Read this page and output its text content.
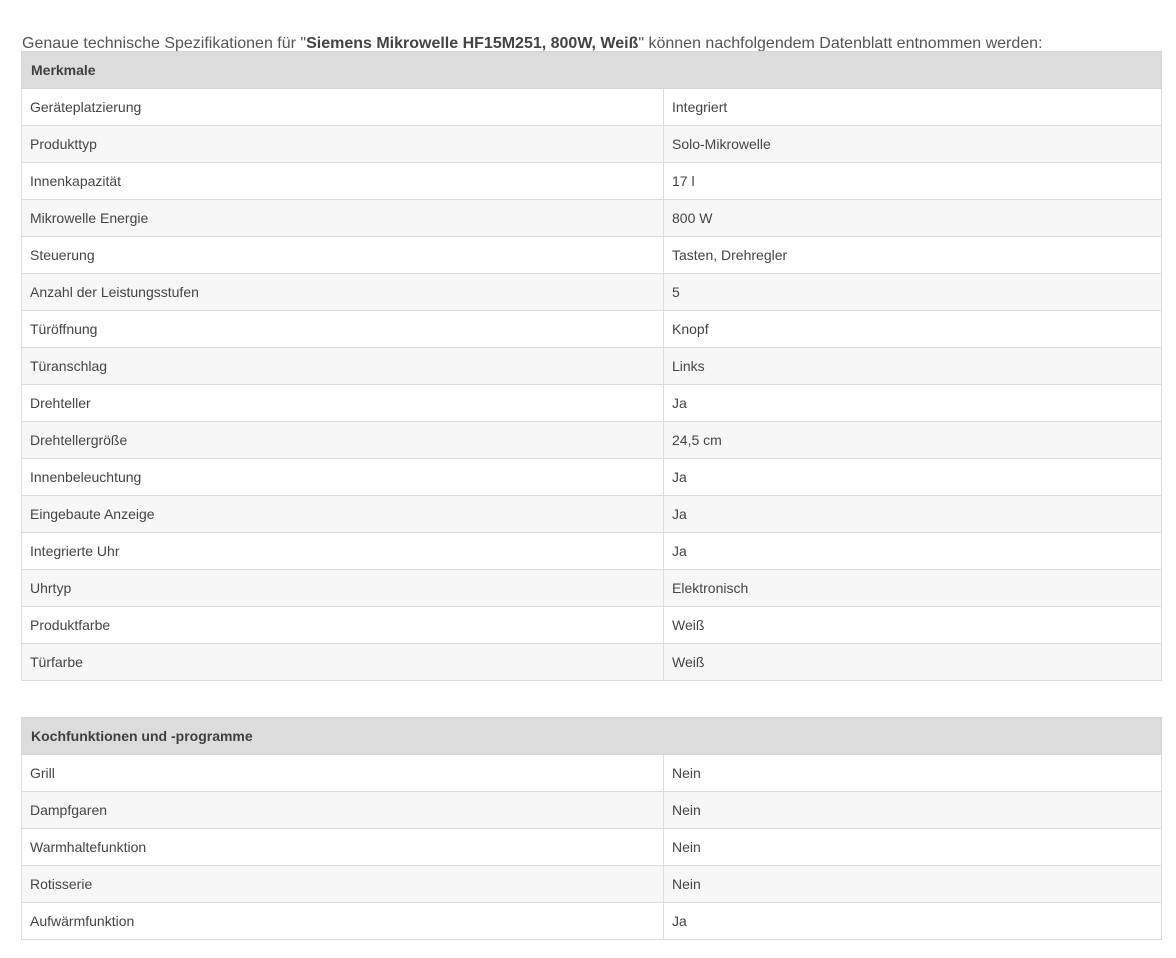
Genaue technische Spezifikationen für "Siemens Mikrowelle HF15M251, 800W, Weiß" können nachfolgendem Datenblatt entnommen werden:

Merkmale	
Geräteplatzierung	Integriert
Produkttyp	Solo-Mikrowelle
Innenkapazität	17 l
Mikrowelle Energie	800 W
Steuerung	Tasten, Drehregler
Anzahl der Leistungsstufen	5
Türöffnung	Knopf
Türanschlag	Links
Drehteller	Ja
Drehtellergröße	24,5 cm
Innenbeleuchtung	Ja
Eingebaute Anzeige	Ja
Integrierte Uhr	Ja
Uhrtyp	Elektronisch
Produktfarbe	Weiß
Türfarbe	Weiß
Kochfunktionen und -programme	
Grill	Nein
Dampfgaren	Nein
Warmhaltefunktion	Nein
Rotisserie	Nein
Aufwärmfunktion	Ja
